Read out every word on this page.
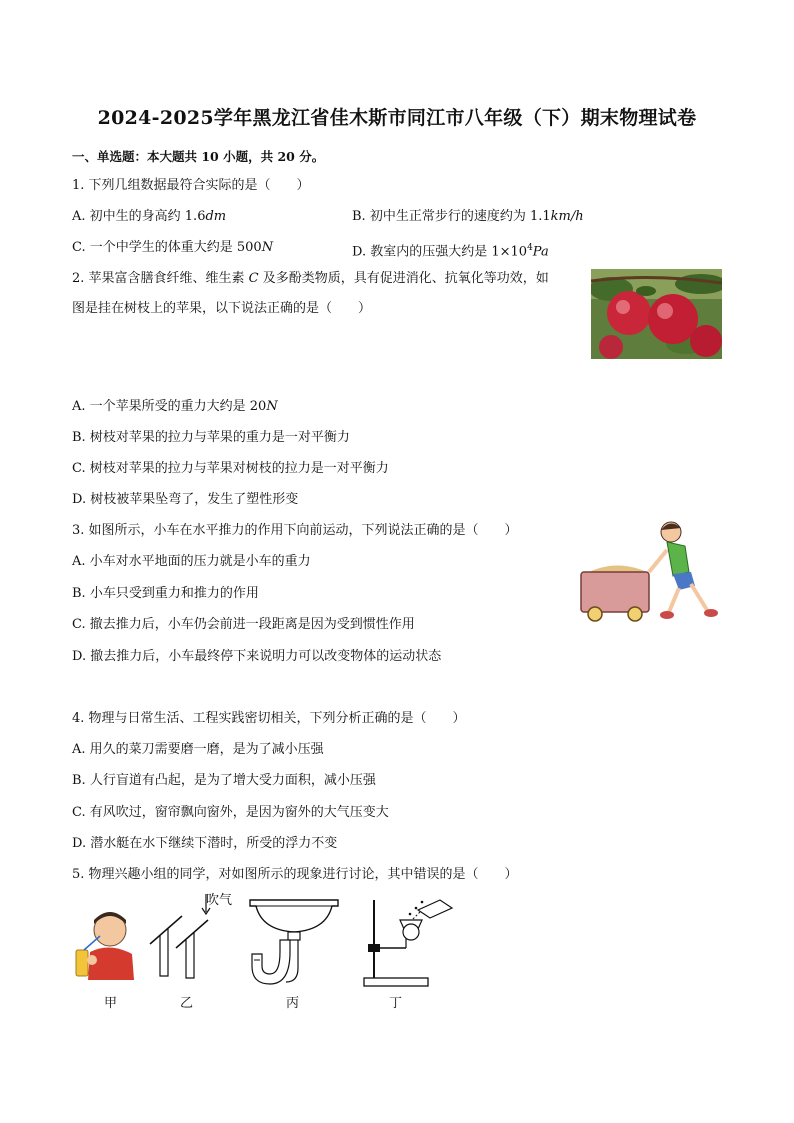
2024-2025学年黑龙江省佳木斯市同江市八年级（下）期末物理试卷
一、单选题：本大题共 10 小题，共 20 分。
1. 下列几组数据最符合实际的是（　　）
A. 初中生的身高约 1.6dm	B. 初中生正常步行的速度约为 1.1km/h
C. 一个中学生的体重大约是 500N	D. 教室内的压强大约是 $1\times 10^4Pa$
2. 苹果富含膳食纤维、维生素 C 及多酚类物质，具有促进消化、抗氧化等功效，如
图是挂在树枝上的苹果，以下说法正确的是（　　）
A. 一个苹果所受的重力大约是 20N
B. 树枝对苹果的拉力与苹果的重力是一对平衡力
C. 树枝对苹果的拉力与苹果对树枝的拉力是一对平衡力
D. 树枝被苹果坠弯了，发生了塑性形变
3. 如图所示，小车在水平推力的作用下向前运动，下列说法正确的是（　　）
A. 小车对水平地面的压力就是小车的重力
B. 小车只受到重力和推力的作用
C. 撤去推力后，小车仍会前进一段距离是因为受到惯性作用
D. 撤去推力后，小车最终停下来说明力可以改变物体的运动状态
4. 物理与日常生活、工程实践密切相关，下列分析正确的是（　　）
A. 用久的菜刀需要磨一磨，是为了减小压强
B. 人行盲道有凸起，是为了增大受力面积，减小压强
C. 有风吹过，窗帘飘向窗外，是因为窗外的大气压变大
D. 潜水艇在水下继续下潜时，所受的浮力不变
5. 物理兴趣小组的同学，对如图所示的现象进行讨论，其中错误的是（　　）
吹气
甲	乙	丙	丁
